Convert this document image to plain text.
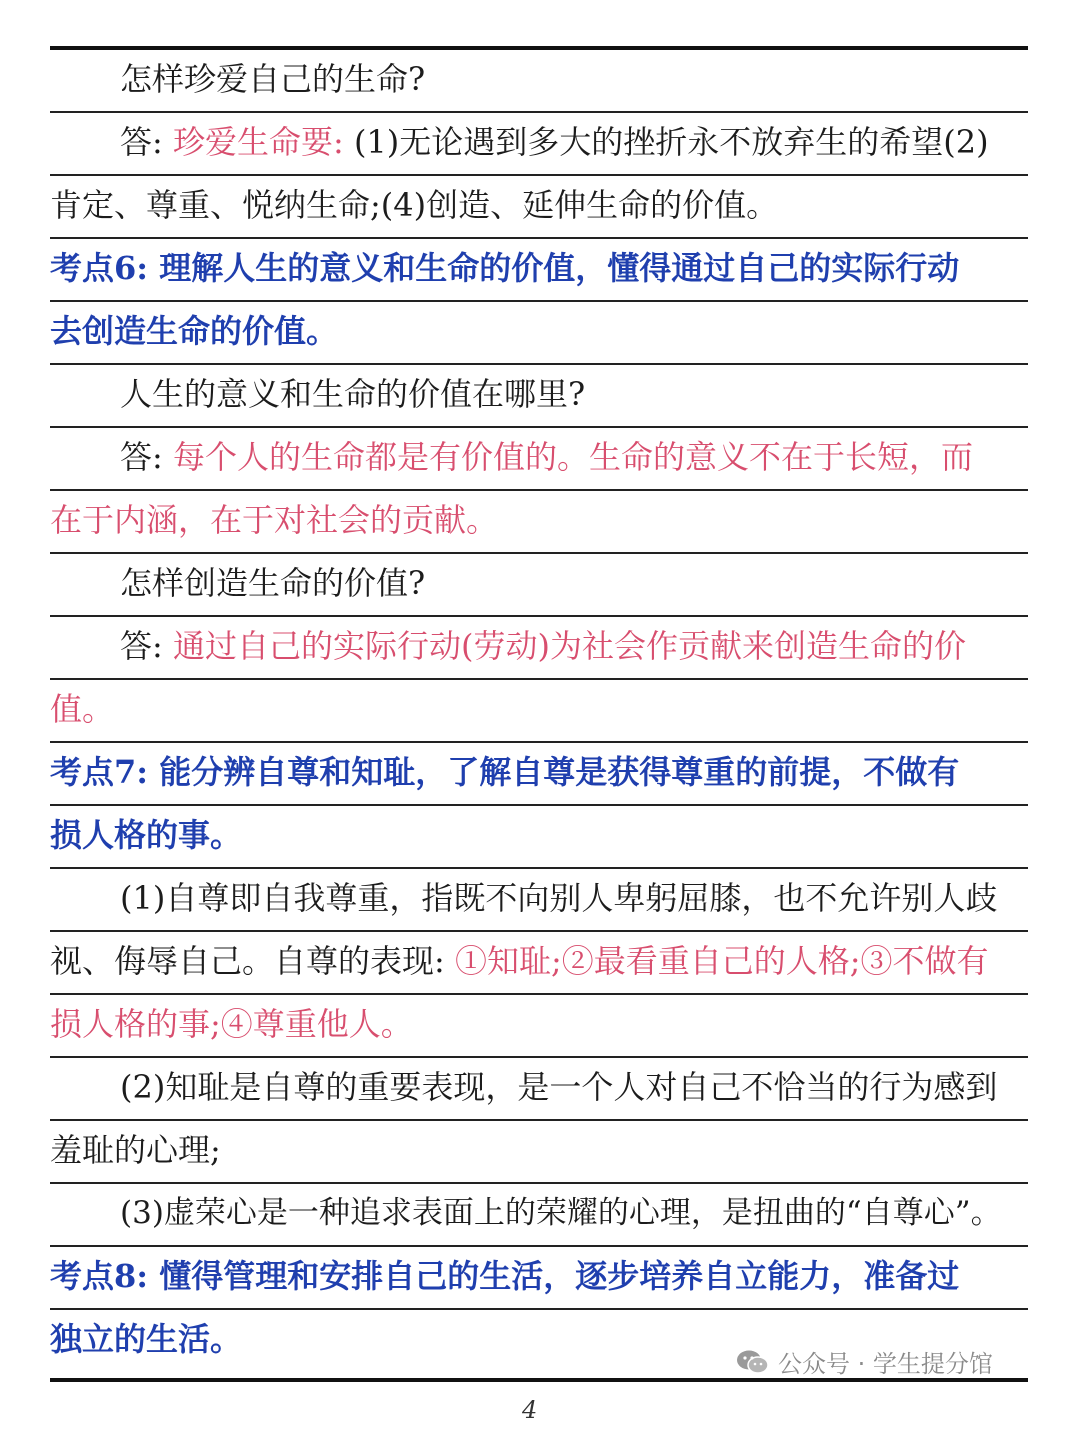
怎样珍爱自己的生命?
答: 珍爱生命要: (1)无论遇到多大的挫折永不放弃生的希望(2)
肯定、尊重、悦纳生命;(4)创造、延伸生命的价值。
考点6: 理解人生的意义和生命的价值，懂得通过自己的实际行动
去创造生命的价值。
人生的意义和生命的价值在哪里?
答: 每个人的生命都是有价值的。生命的意义不在于长短，而
在于内涵，在于对社会的贡献。
怎样创造生命的价值?
答: 通过自己的实际行动(劳动)为社会作贡献来创造生命的价
值。
考点7: 能分辨自尊和知耻，了解自尊是获得尊重的前提，不做有
损人格的事。
(1)自尊即自我尊重，指既不向别人卑躬屈膝，也不允许别人歧
视、侮辱自己。自尊的表现: ①知耻;②最看重自己的人格;③不做有
损人格的事;④尊重他人。
(2)知耻是自尊的重要表现，是一个人对自己不恰当的行为感到
羞耻的心理;
(3)虚荣心是一种追求表面上的荣耀的心理，是扭曲的“自尊心”。
考点8: 懂得管理和安排自己的生活，逐步培养自立能力，准备过
独立的生活。
公众号 · 学生提分馆
4
